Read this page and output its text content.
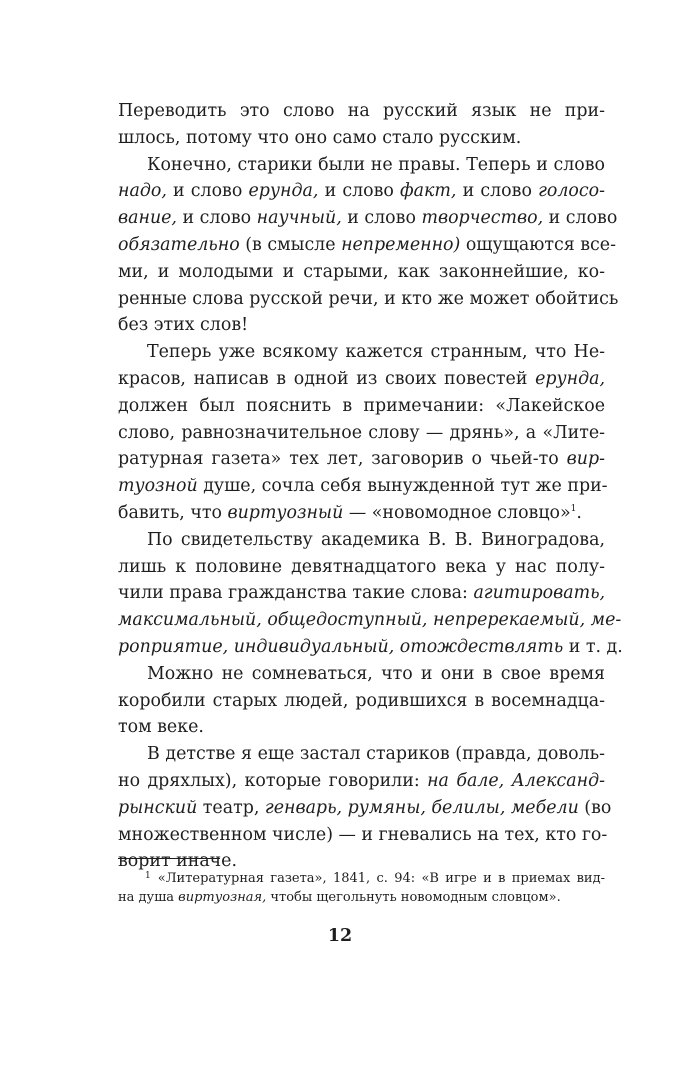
Переводить это слово на русский язык не при-
шлось, потому что оно само стало русским.
Конечно, старики были не правы. Теперь и слово
надо, и слово ерунда, и слово факт, и слово голосо-
вание, и слово научный, и слово творчество, и слово
обязательно (в смысле непременно) ощущаются все-
ми, и молодыми и старыми, как законнейшие, ко-
ренные слова русской речи, и кто же может обойтись
без этих слов!
Теперь уже всякому кажется странным, что Не-
красов, написав в одной из своих повестей ерунда,
должен был пояснить в примечании: «Лакейское
слово, равнозначительное слову — дрянь», а «Лите-
ратурная газета» тех лет, заговорив о чьей-то вир-
туозной душе, сочла себя вынужденной тут же при-
бавить, что виртуозный — «новомодное словцо»$^1$.
По свидетельству академика В. В. Виноградова,
лишь к половине девятнадцатого века у нас полу-
чили права гражданства такие слова: агитировать,
максимальный, общедоступный, непререкаемый, ме-
роприятие, индивидуальный, отождествлять и т. д.
Можно не сомневаться, что и они в свое время
коробили старых людей, родившихся в восемнадца-
том веке.
В детстве я еще застал стариков (правда, доволь-
но дряхлых), которые говорили: на бале, Александ-
рынский театр, генварь, румяны, белилы, мебели (во
множественном числе) — и гневались на тех, кто го-
ворит иначе.
$^1$ «Литературная газета», 1841, с. 94: «В игре и в приемах вид-
на душа виртуозная, чтобы щегольнуть новомодным словцом».
12
